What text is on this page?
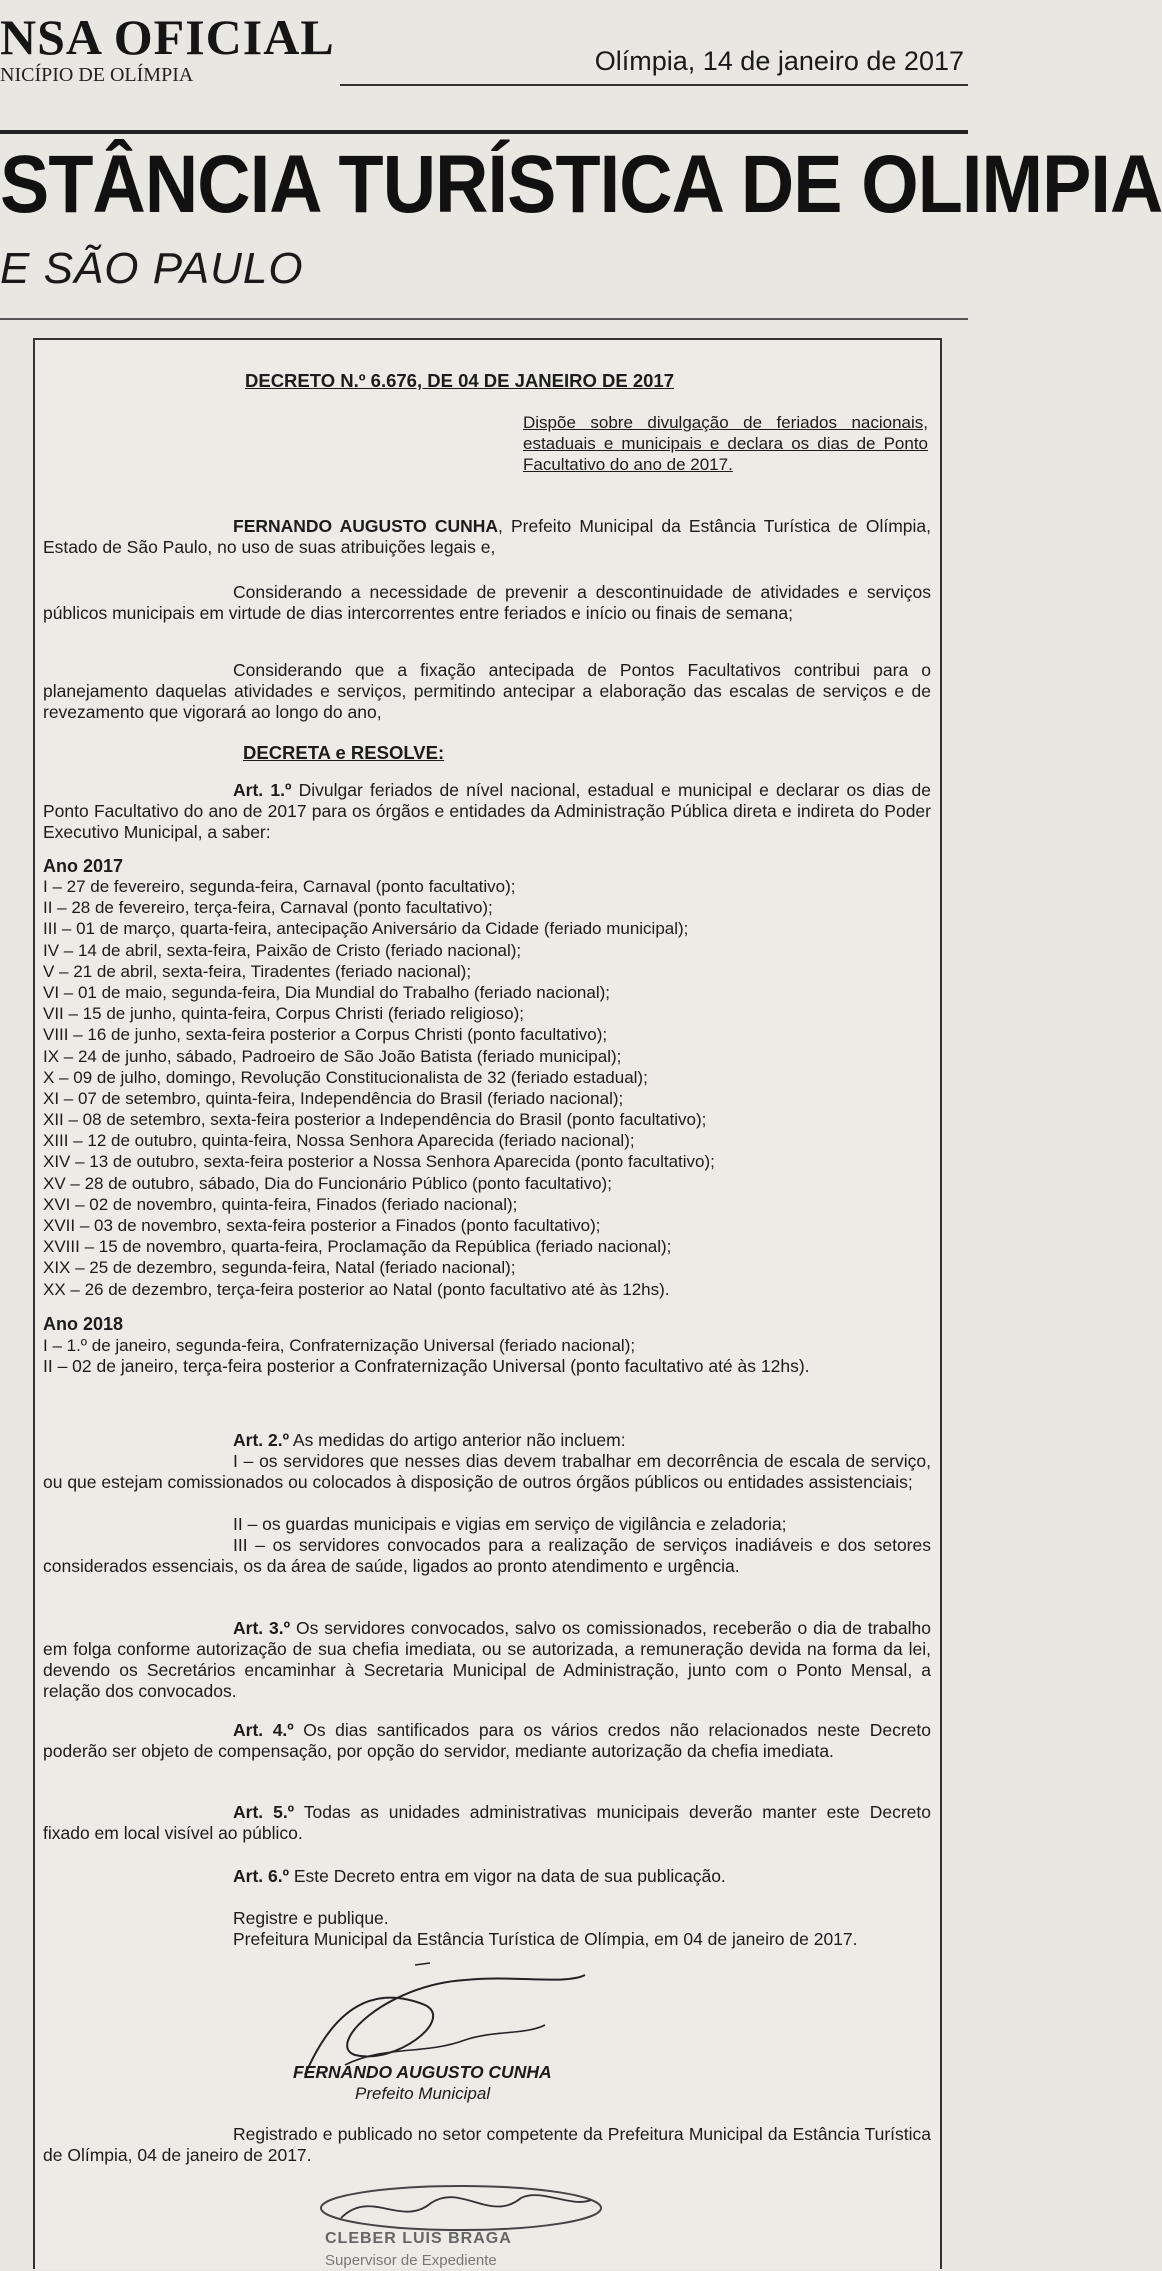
NSA OFICIAL
NICÍPIO DE OLÍMPIA	Olímpia, 14 de janeiro de 2017
STÂNCIA TURÍSTICA DE OLIMPIA
E SÃO PAULO
DECRETO N.º 6.676, DE 04 DE JANEIRO DE 2017
Dispõe sobre divulgação de feriados nacionais, estaduais e municipais e declara os dias de Ponto Facultativo do ano de 2017.
FERNANDO AUGUSTO CUNHA, Prefeito Municipal da Estância Turística de Olímpia, Estado de São Paulo, no uso de suas atribuições legais e,
Considerando a necessidade de prevenir a descontinuidade de atividades e serviços públicos municipais em virtude de dias intercorrentes entre feriados e início ou finais de semana;
Considerando que a fixação antecipada de Pontos Facultativos contribui para o planejamento daquelas atividades e serviços, permitindo antecipar a elaboração das escalas de serviços e de revezamento que vigorará ao longo do ano,
DECRETA e RESOLVE:
Art. 1.º Divulgar feriados de nível nacional, estadual e municipal e declarar os dias de Ponto Facultativo do ano de 2017 para os órgãos e entidades da Administração Pública direta e indireta do Poder Executivo Municipal, a saber:
Ano 2017
I – 27 de fevereiro, segunda-feira, Carnaval (ponto facultativo);
II – 28 de fevereiro, terça-feira, Carnaval (ponto facultativo);
III – 01 de março, quarta-feira, antecipação Aniversário da Cidade (feriado municipal);
IV – 14 de abril, sexta-feira, Paixão de Cristo (feriado nacional);
V – 21 de abril, sexta-feira, Tiradentes (feriado nacional);
VI – 01 de maio, segunda-feira, Dia Mundial do Trabalho (feriado nacional);
VII – 15 de junho, quinta-feira, Corpus Christi (feriado religioso);
VIII – 16 de junho, sexta-feira posterior a Corpus Christi (ponto facultativo);
IX – 24 de junho, sábado, Padroeiro de São João Batista (feriado municipal);
X – 09 de julho, domingo, Revolução Constitucionalista de 32 (feriado estadual);
XI – 07 de setembro, quinta-feira, Independência do Brasil (feriado nacional);
XII – 08 de setembro, sexta-feira posterior a Independência do Brasil (ponto facultativo);
XIII – 12 de outubro, quinta-feira, Nossa Senhora Aparecida (feriado nacional);
XIV – 13 de outubro, sexta-feira posterior a Nossa Senhora Aparecida (ponto facultativo);
XV – 28 de outubro, sábado, Dia do Funcionário Público (ponto facultativo);
XVI – 02 de novembro, quinta-feira, Finados (feriado nacional);
XVII – 03 de novembro, sexta-feira posterior a Finados (ponto facultativo);
XVIII – 15 de novembro, quarta-feira, Proclamação da República (feriado nacional);
XIX – 25 de dezembro, segunda-feira, Natal (feriado nacional);
XX – 26 de dezembro, terça-feira posterior ao Natal (ponto facultativo até às 12hs).
Ano 2018
I – 1.º de janeiro, segunda-feira, Confraternização Universal (feriado nacional);
II – 02 de janeiro, terça-feira posterior a Confraternização Universal (ponto facultativo até às 12hs).
Art. 2.º As medidas do artigo anterior não incluem:
I – os servidores que nesses dias devem trabalhar em decorrência de escala de serviço, ou que estejam comissionados ou colocados à disposição de outros órgãos públicos ou entidades assistenciais;
II – os guardas municipais e vigias em serviço de vigilância e zeladoria;
III – os servidores convocados para a realização de serviços inadiáveis e dos setores considerados essenciais, os da área de saúde, ligados ao pronto atendimento e urgência.
Art. 3.º Os servidores convocados, salvo os comissionados, receberão o dia de trabalho em folga conforme autorização de sua chefia imediata, ou se autorizada, a remuneração devida na forma da lei, devendo os Secretários encaminhar à Secretaria Municipal de Administração, junto com o Ponto Mensal, a relação dos convocados.
Art. 4.º Os dias santificados para os vários credos não relacionados neste Decreto poderão ser objeto de compensação, por opção do servidor, mediante autorização da chefia imediata.
Art. 5.º Todas as unidades administrativas municipais deverão manter este Decreto fixado em local visível ao público.
Art. 6.º Este Decreto entra em vigor na data de sua publicação.
Registre e publique.
Prefeitura Municipal da Estância Turística de Olímpia, em 04 de janeiro de 2017.
FERNANDO AUGUSTO CUNHA
Prefeito Municipal
Registrado e publicado no setor competente da Prefeitura Municipal da Estância Turística de Olímpia, 04 de janeiro de 2017.
CLEBER LUIS BRAGA
Supervisor de Expediente
